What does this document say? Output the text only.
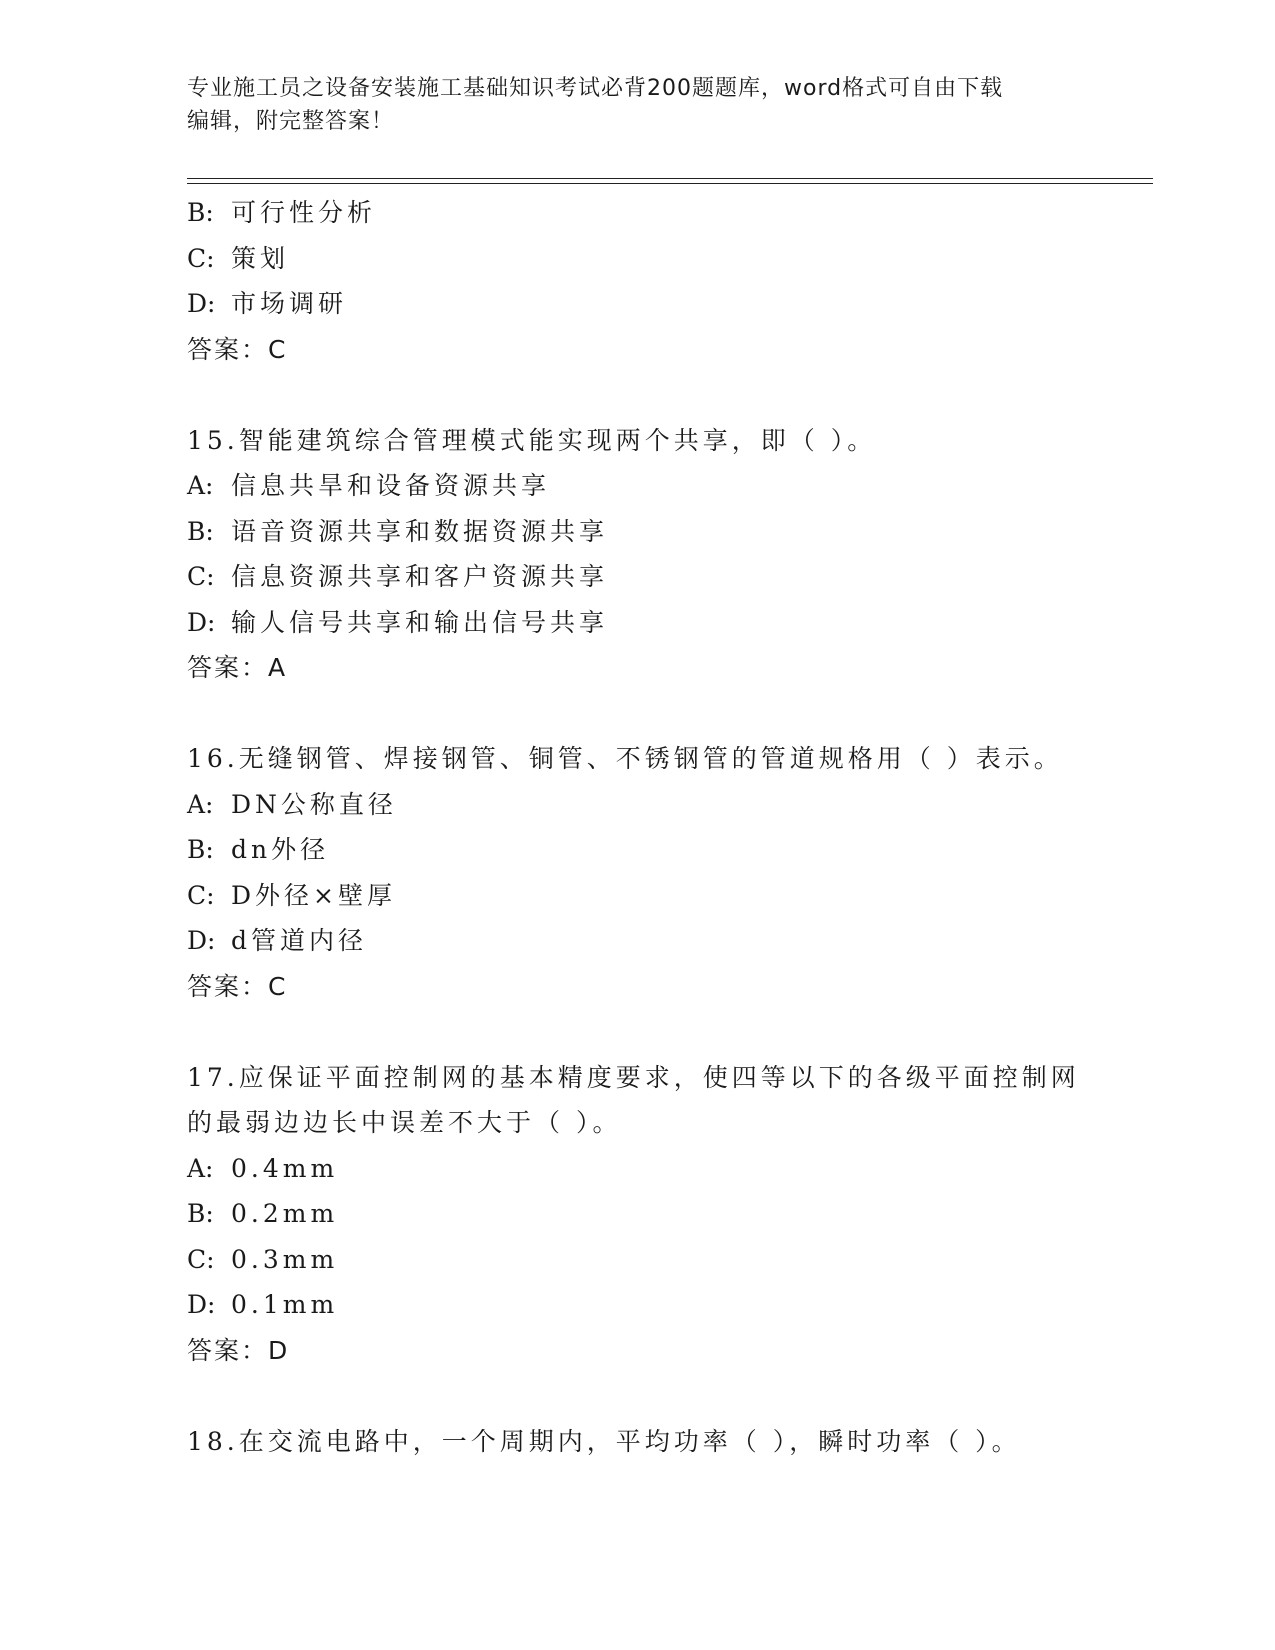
专业施工员之设备安装施工基础知识考试必背200题题库，word格式可自由下载
编辑，附完整答案！
B: 可行性分析
C: 策划
D: 市场调研
答案：C
15.智能建筑综合管理模式能实现两个共享，即（ ）。
A: 信息共旱和设备资源共享
B: 语音资源共享和数据资源共享
C: 信息资源共享和客户资源共享
D: 输人信号共享和输出信号共享
答案：A
16.无缝钢管、焊接钢管、铜管、不锈钢管的管道规格用（ ）表示。
A: DN公称直径
B: dn外径
C: D外径×壁厚
D: d管道内径
答案：C
17.应保证平面控制网的基本精度要求，使四等以下的各级平面控制网
的最弱边边长中误差不大于（ ）。
A: 0.4mm
B: 0.2mm
C: 0.3mm
D: 0.1mm
答案：D
18.在交流电路中，一个周期内，平均功率（ ），瞬时功率（ ）。
